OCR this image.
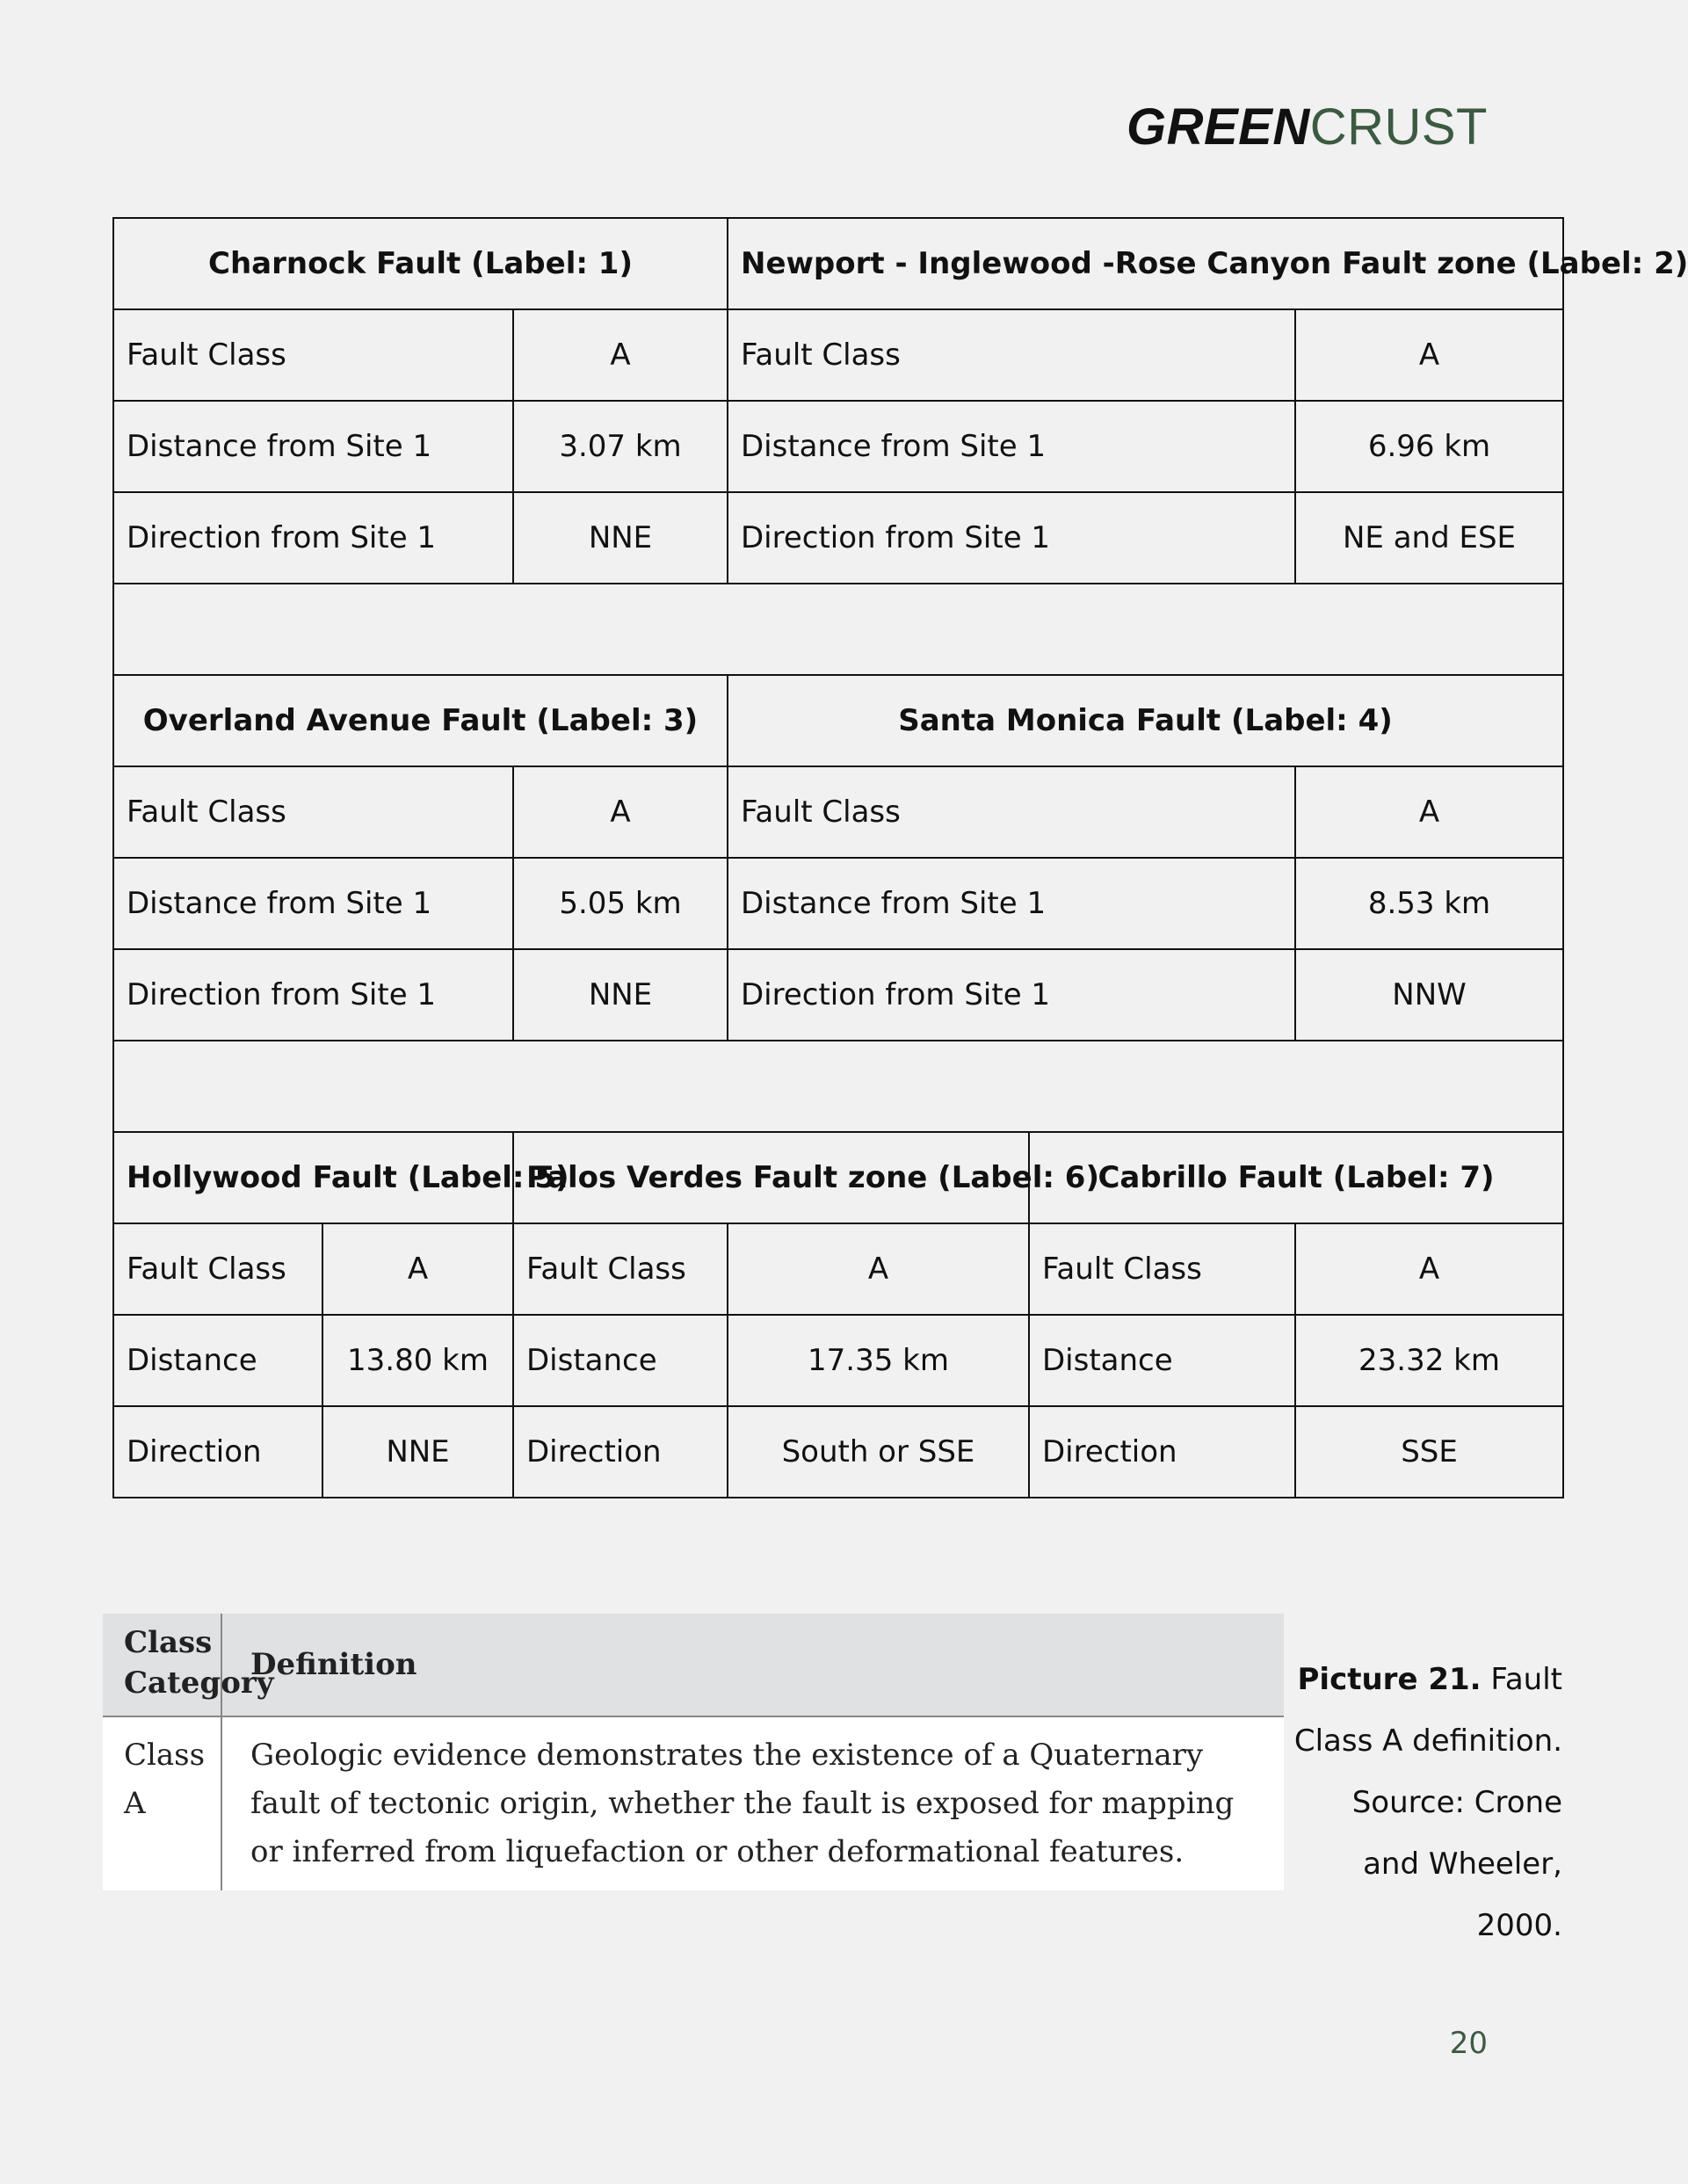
GREENCRUST
Charnock Fault (Label: 1)			Newport - Inglewood -Rose Canyon Fault zone (Label: 2)		
Fault Class		A	Fault Class		A
Distance from Site 1		3.07 km	Distance from Site 1		6.96 km
Direction from Site 1		NNE	Direction from Site 1		NE and ESE

Overland Avenue Fault (Label: 3)			Santa Monica Fault (Label: 4)		
Fault Class		A	Fault Class		A
Distance from Site 1		5.05 km	Distance from Site 1		8.53 km
Direction from Site 1		NNE	Direction from Site 1		NNW

Hollywood Fault (Label: 5)		Palos Verdes Fault zone (Label: 6)		Cabrillo Fault (Label: 7)	
Fault Class	A	Fault Class	A	Fault Class	A
Distance	13.80 km	Distance	17.35 km	Distance	23.32 km
Direction	NNE	Direction	South or SSE	Direction	SSE
Class Category	Definition
Class A	Geologic evidence demonstrates the existence of a Quaternary fault of tectonic origin, whether the fault is exposed for mapping or inferred from liquefaction or other deformational features.
Picture 21. Fault Class A definition. Source: Crone and Wheeler, 2000.
20
